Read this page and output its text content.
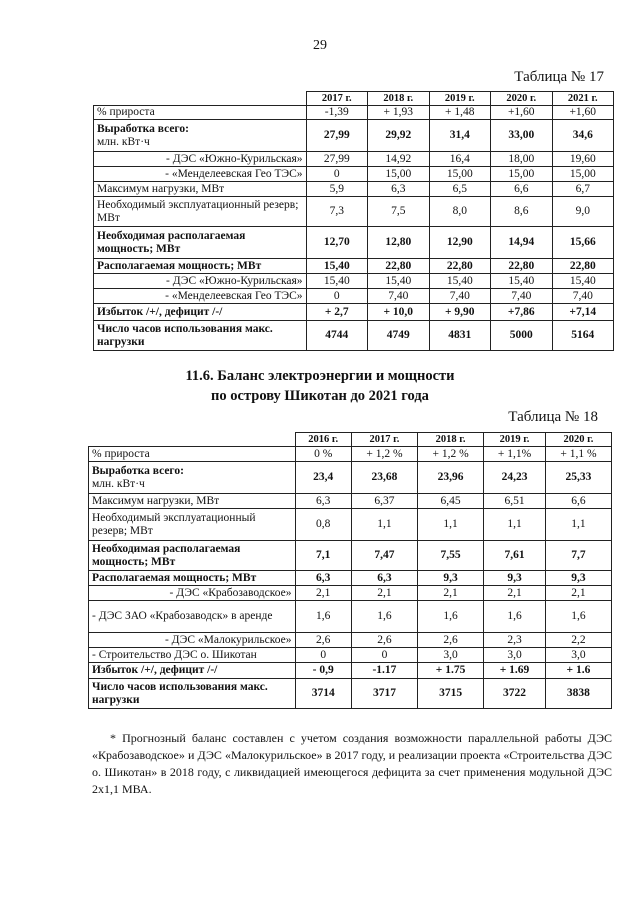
29
Таблица № 17
	2017 г.	2018 г.	2019 г.	2020 г.	2021 г.
% прироста	-1,39	+ 1,93	+ 1,48	+1,60	+1,60
Выработка всего:
млн. кВт·ч	27,99	29,92	31,4	33,00	34,6
- ДЭС «Южно-Курильская»	27,99	14,92	16,4	18,00	19,60
- «Менделеевская Гео ТЭС»	0	15,00	15,00	15,00	15,00
Максимум нагрузки, МВт	5,9	6,3	6,5	6,6	6,7
Необходимый эксплуатационный резерв; МВт	7,3	7,5	8,0	8,6	9,0
Необходимая располагаемая мощность; МВт	12,70	12,80	12,90	14,94	15,66
Располагаемая мощность; МВт	15,40	22,80	22,80	22,80	22,80
- ДЭС «Южно-Курильская»	15,40	15,40	15,40	15,40	15,40
- «Менделеевская Гео ТЭС»	0	7,40	7,40	7,40	7,40
Избыток /+/, дефицит /-/	+ 2,7	+ 10,0	+ 9,90	+7,86	+7,14
Число часов использования макс. нагрузки	4744	4749	4831	5000	5164
11.6. Баланс электроэнергии и мощности
по острову Шикотан до 2021 года
Таблица № 18
	2016 г.	2017 г.	2018 г.	2019 г.	2020 г.
% прироста	0 %	+ 1,2 %	+ 1,2 %	+ 1,1%	+ 1,1 %
Выработка всего:
млн. кВт·ч	23,4	23,68	23,96	24,23	25,33
Максимум нагрузки, МВт	6,3	6,37	6,45	6,51	6,6
Необходимый эксплуатационный резерв; МВт	0,8	1,1	1,1	1,1	1,1
Необходимая располагаемая мощность; МВт	7,1	7,47	7,55	7,61	7,7
Располагаемая мощность; МВт	6,3	6,3	9,3	9,3	9,3
- ДЭС «Крабозаводское»	2,1	2,1	2,1	2,1	2,1
- ДЭС ЗАО «Крабозаводск» в аренде	1,6	1,6	1,6	1,6	1,6
- ДЭС «Малокурильское»	2,6	2,6	2,6	2,3	2,2
- Строительство ДЭС о. Шикотан	0	0	3,0	3,0	3,0
Избыток /+/, дефицит /-/	- 0,9	-1.17	+ 1.75	+ 1.69	+ 1.6
Число часов использования макс. нагрузки	3714	3717	3715	3722	3838

* Прогнозный баланс составлен с учетом создания возможности параллельной работы ДЭС «Крабозаводское» и ДЭС «Малокурильское» в 2017 году, и реализации проекта «Строительства ДЭС о. Шикотан» в 2018 году, с ликвидацией имеющегося дефицита за счет применения модульной ДЭС 2х1,1 МВА.
